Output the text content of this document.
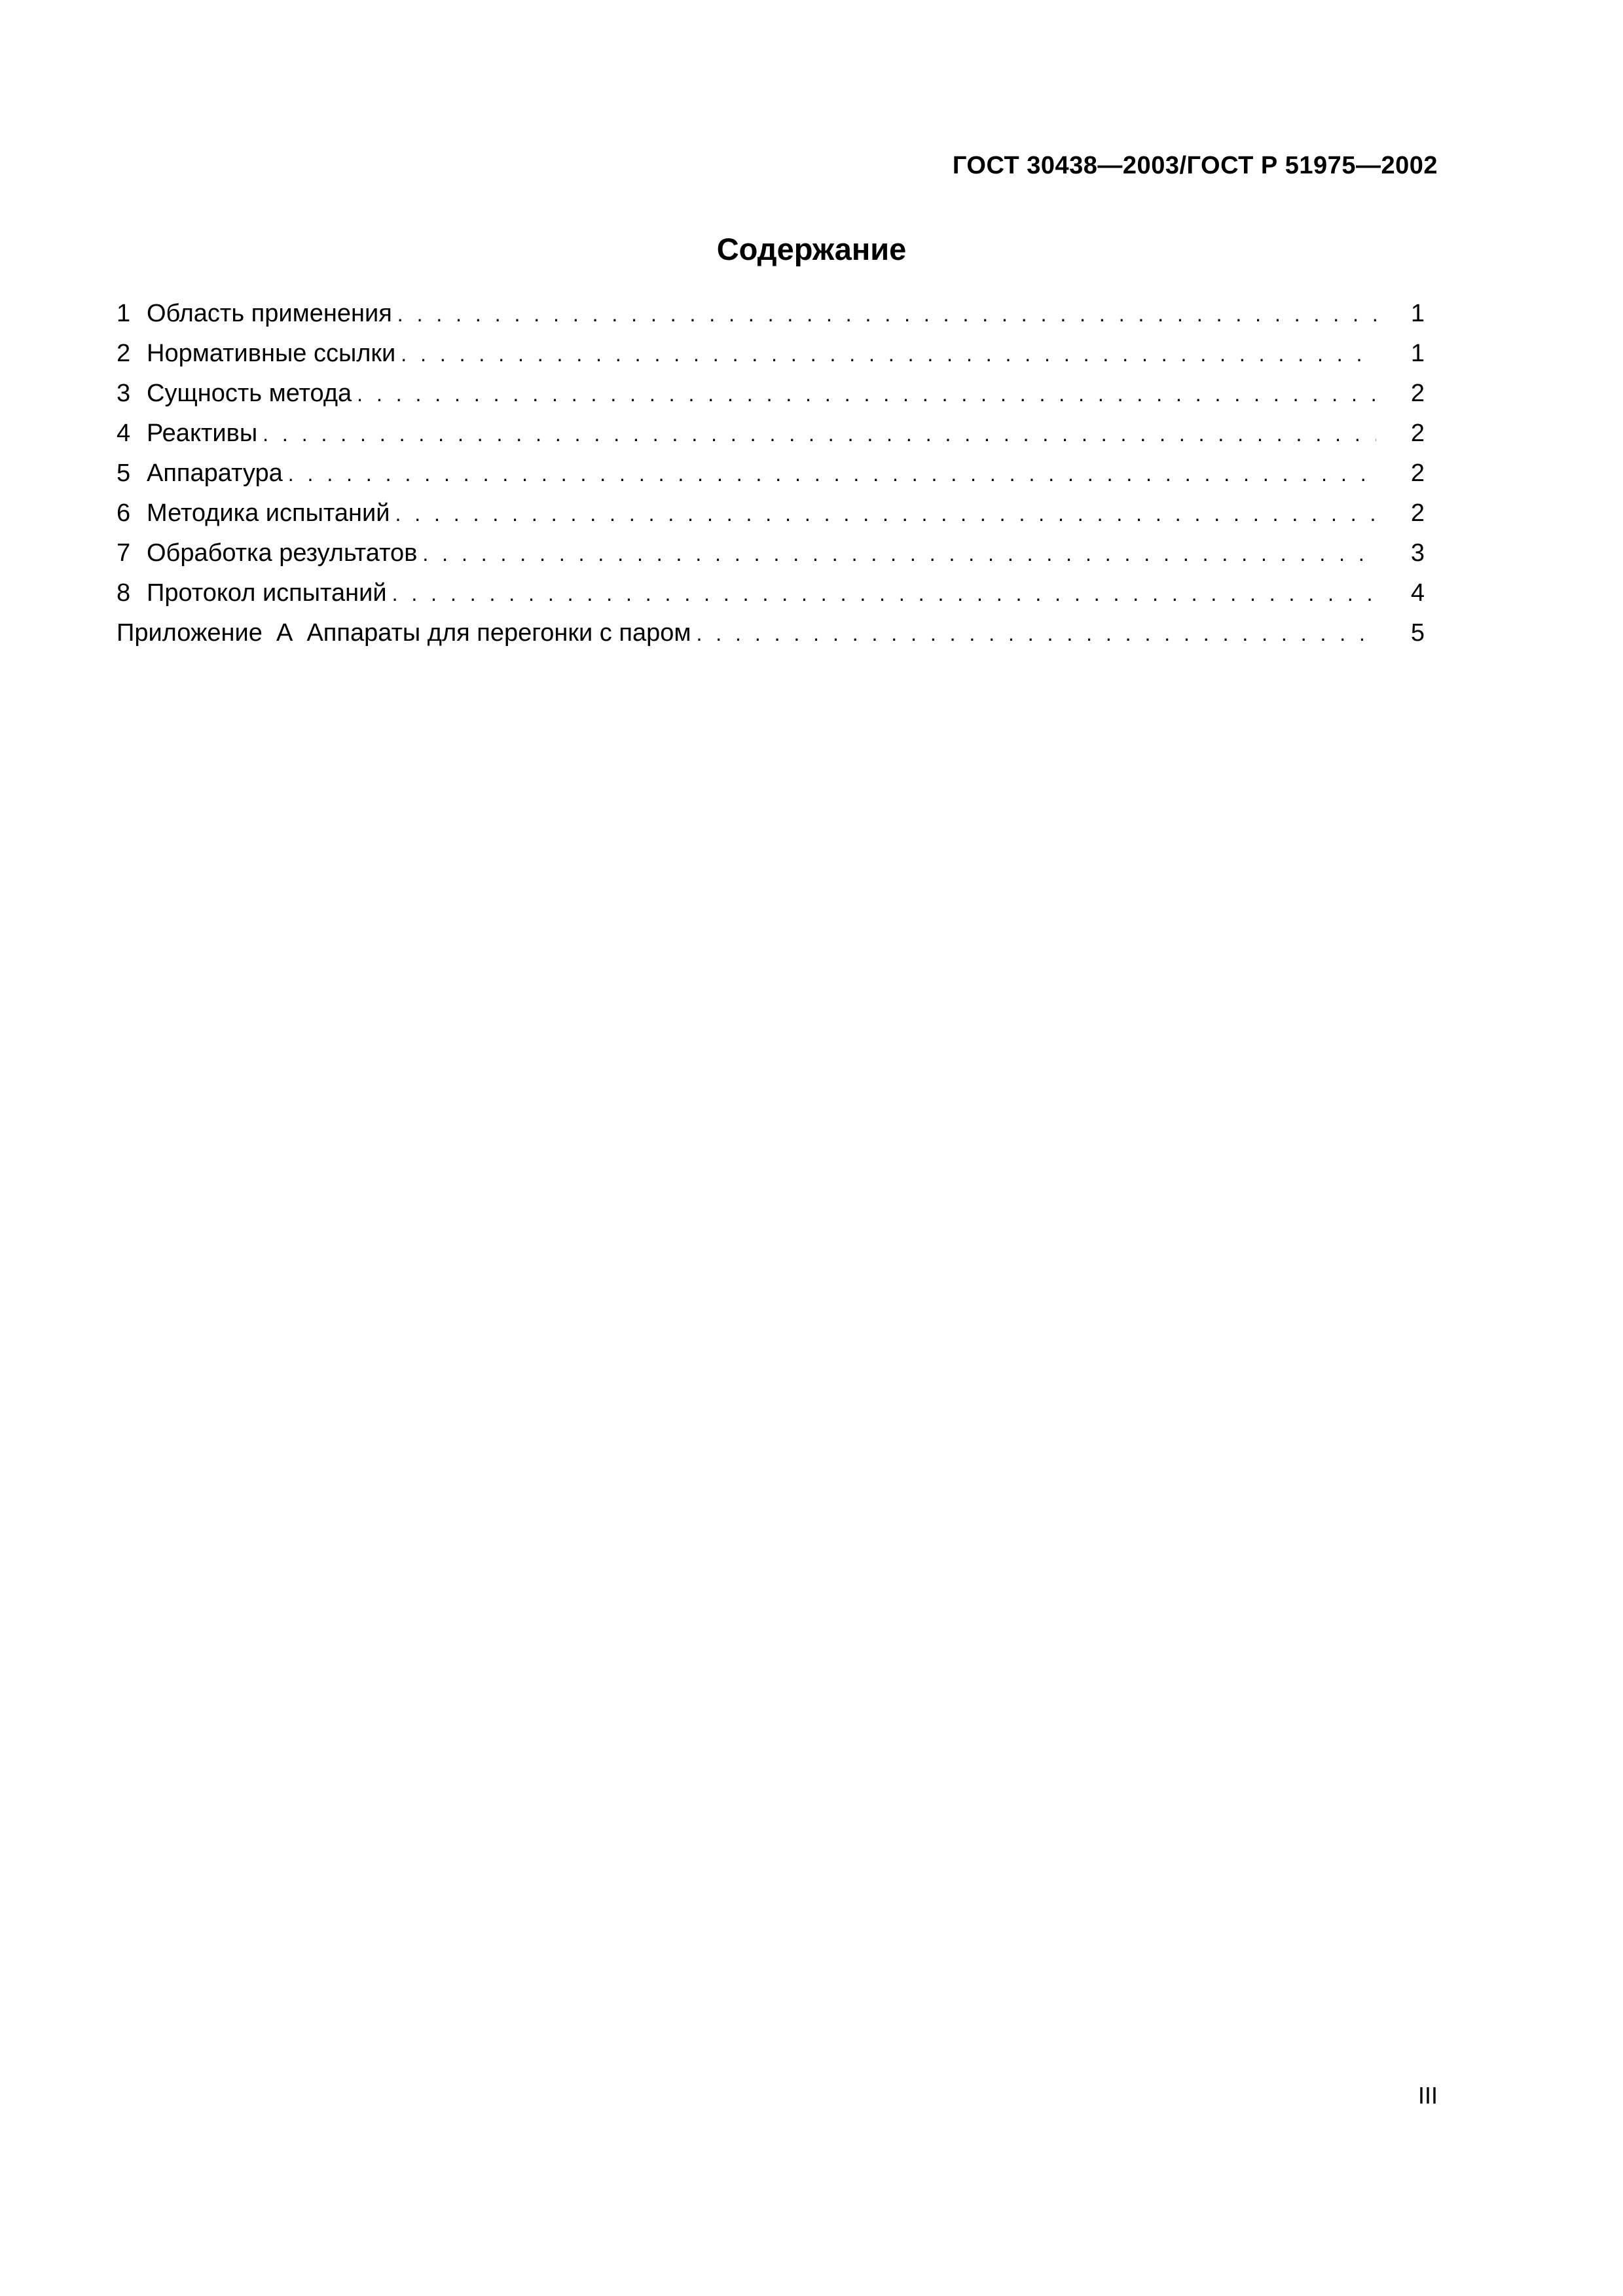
ГОСТ 30438—2003/ГОСТ Р 51975—2002
Содержание
1 Область применения . . .	1
2 Нормативные ссылки . . .	1
3 Сущность метода . . .	2
4 Реактивы . . .	2
5 Аппаратура . . .	2
6 Методика испытаний . . .	2
7 Обработка результатов . . .	3
8 Протокол испытаний . . .	4
Приложение  А  Аппараты для перегонки с паром . . .	5
III
